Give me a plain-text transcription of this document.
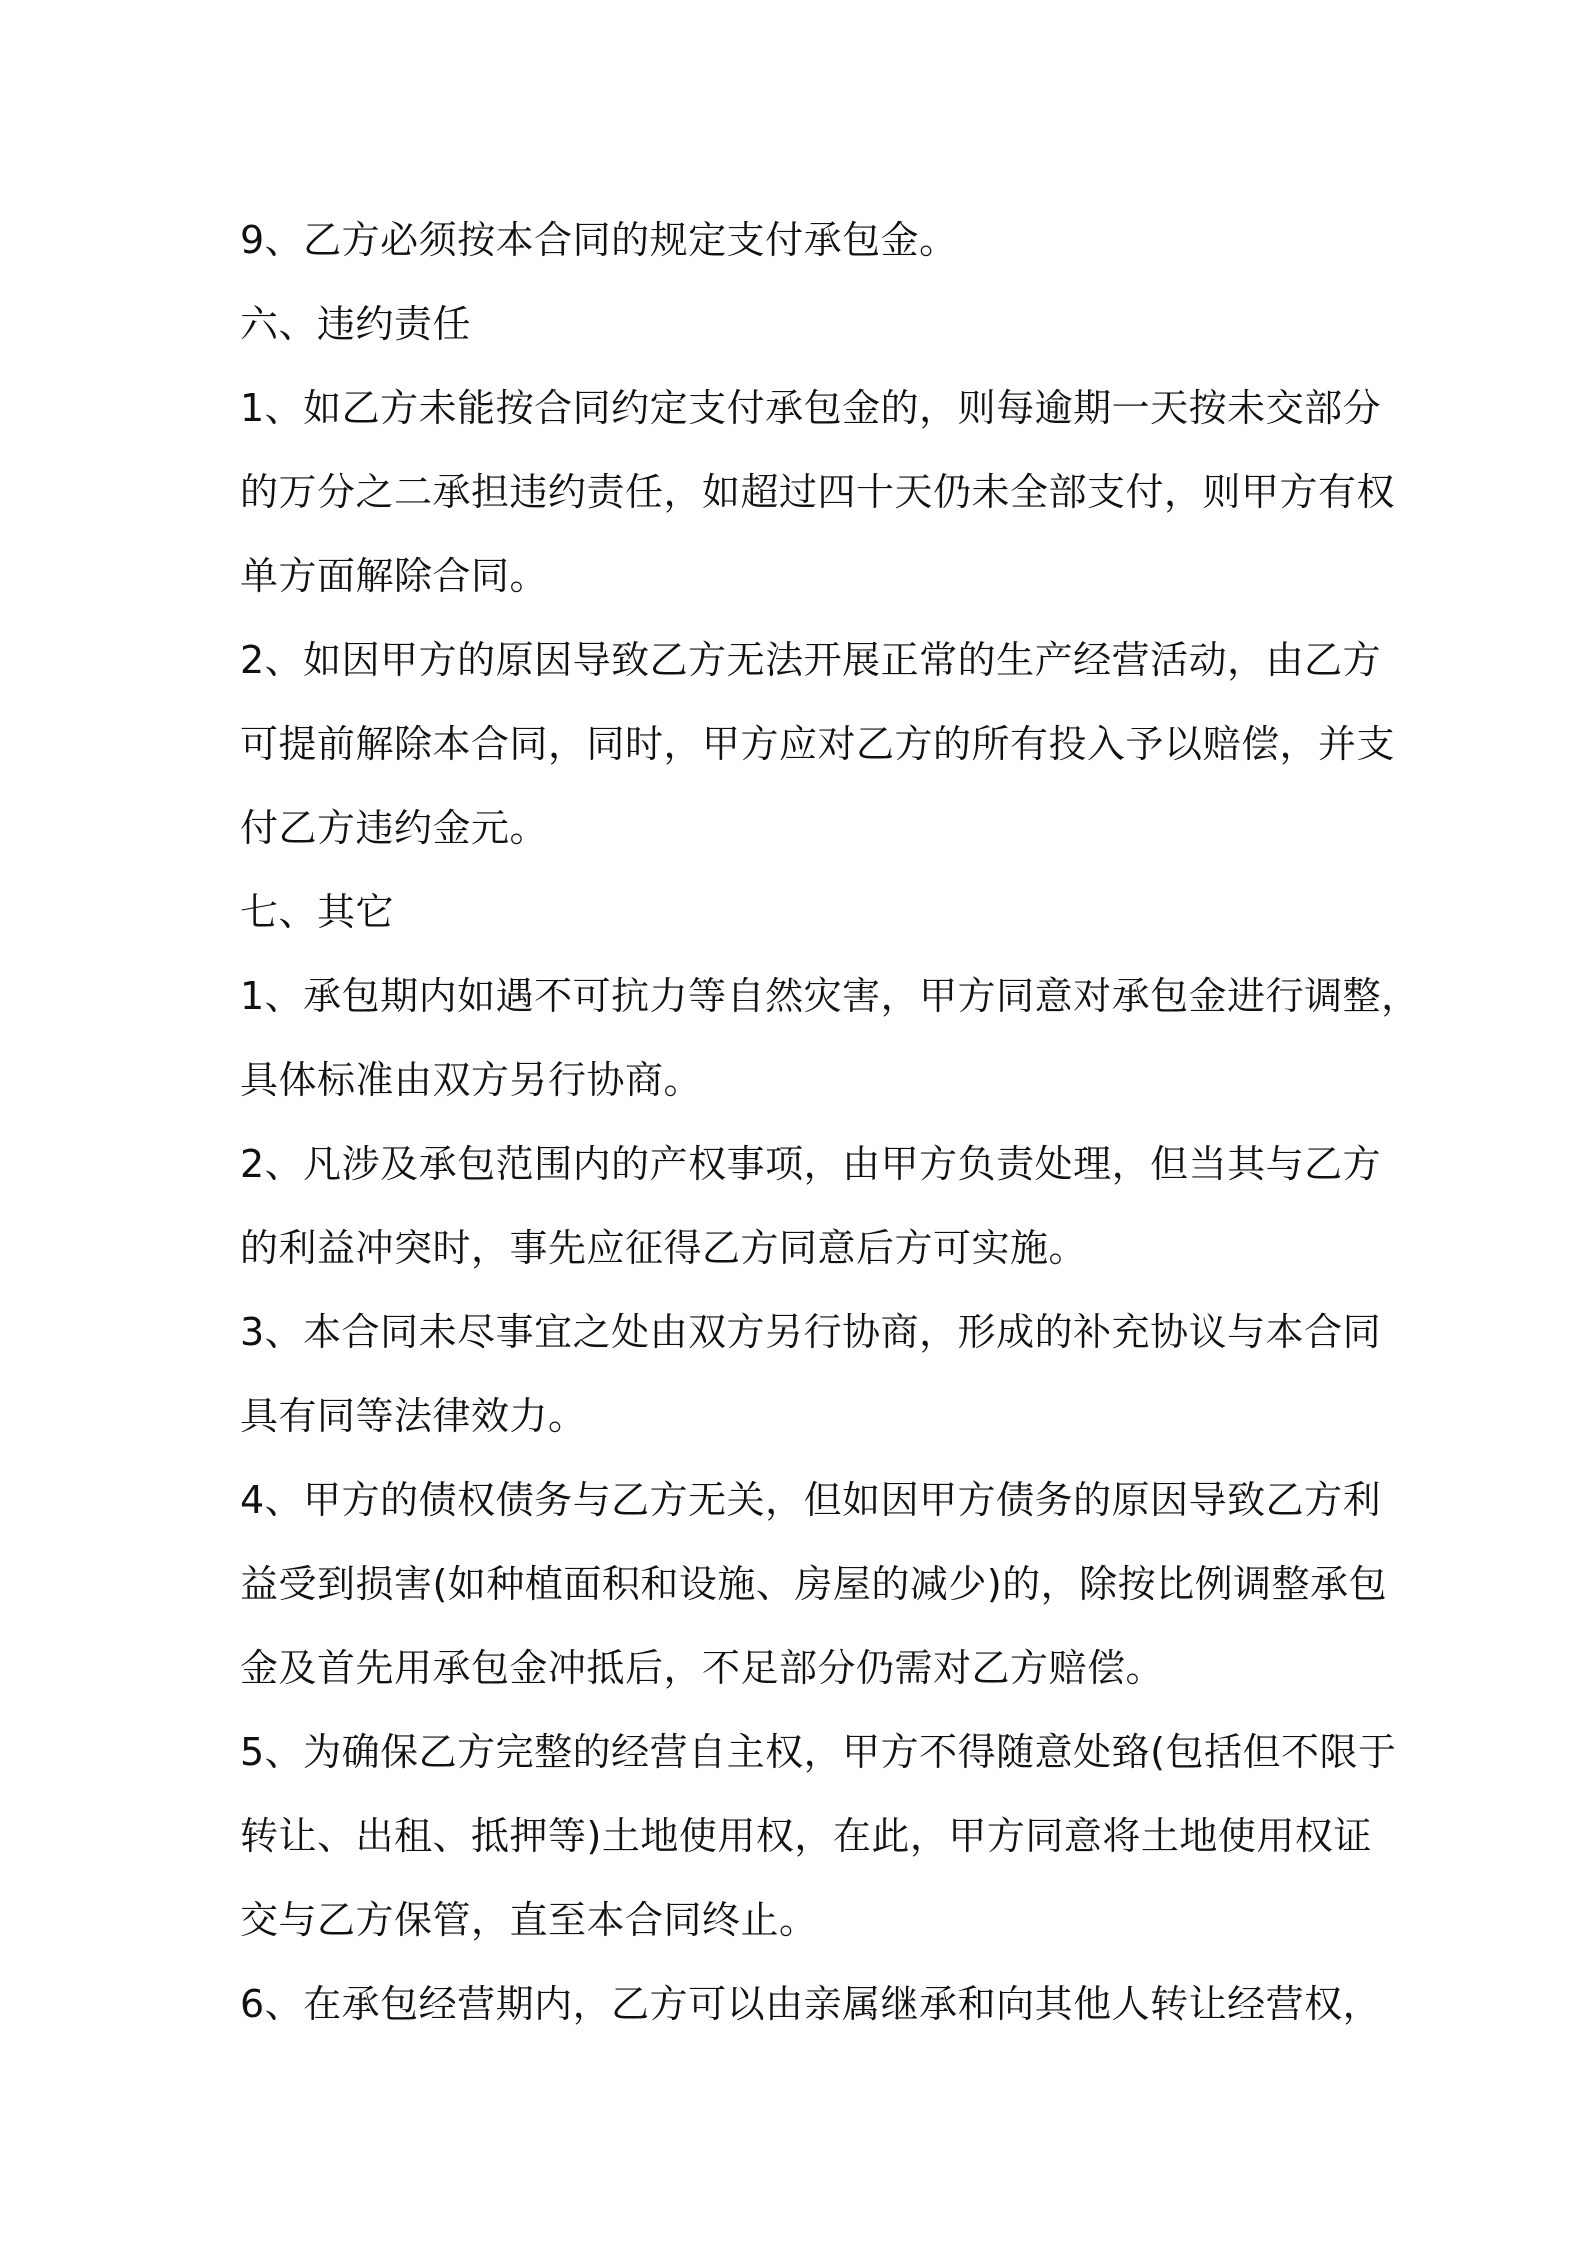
9、乙方必须按本合同的规定支付承包金。
六、违约责任
1、如乙方未能按合同约定支付承包金的，则每逾期一天按未交部分
的万分之二承担违约责任，如超过四十天仍未全部支付，则甲方有权
单方面解除合同。
2、如因甲方的原因导致乙方无法开展正常的生产经营活动，由乙方
可提前解除本合同，同时，甲方应对乙方的所有投入予以赔偿，并支
付乙方违约金元。
七、其它
1、承包期内如遇不可抗力等自然灾害，甲方同意对承包金进行调整，
具体标准由双方另行协商。
2、凡涉及承包范围内的产权事项，由甲方负责处理，但当其与乙方
的利益冲突时，事先应征得乙方同意后方可实施。
3、本合同未尽事宜之处由双方另行协商，形成的补充协议与本合同
具有同等法律效力。
4、甲方的债权债务与乙方无关，但如因甲方债务的原因导致乙方利
益受到损害(如种植面积和设施、房屋的减少)的，除按比例调整承包
金及首先用承包金冲抵后，不足部分仍需对乙方赔偿。
5、为确保乙方完整的经营自主权，甲方不得随意处臵(包括但不限于
转让、出租、抵押等)土地使用权，在此，甲方同意将土地使用权证
交与乙方保管，直至本合同终止。
6、在承包经营期内，乙方可以由亲属继承和向其他人转让经营权，
